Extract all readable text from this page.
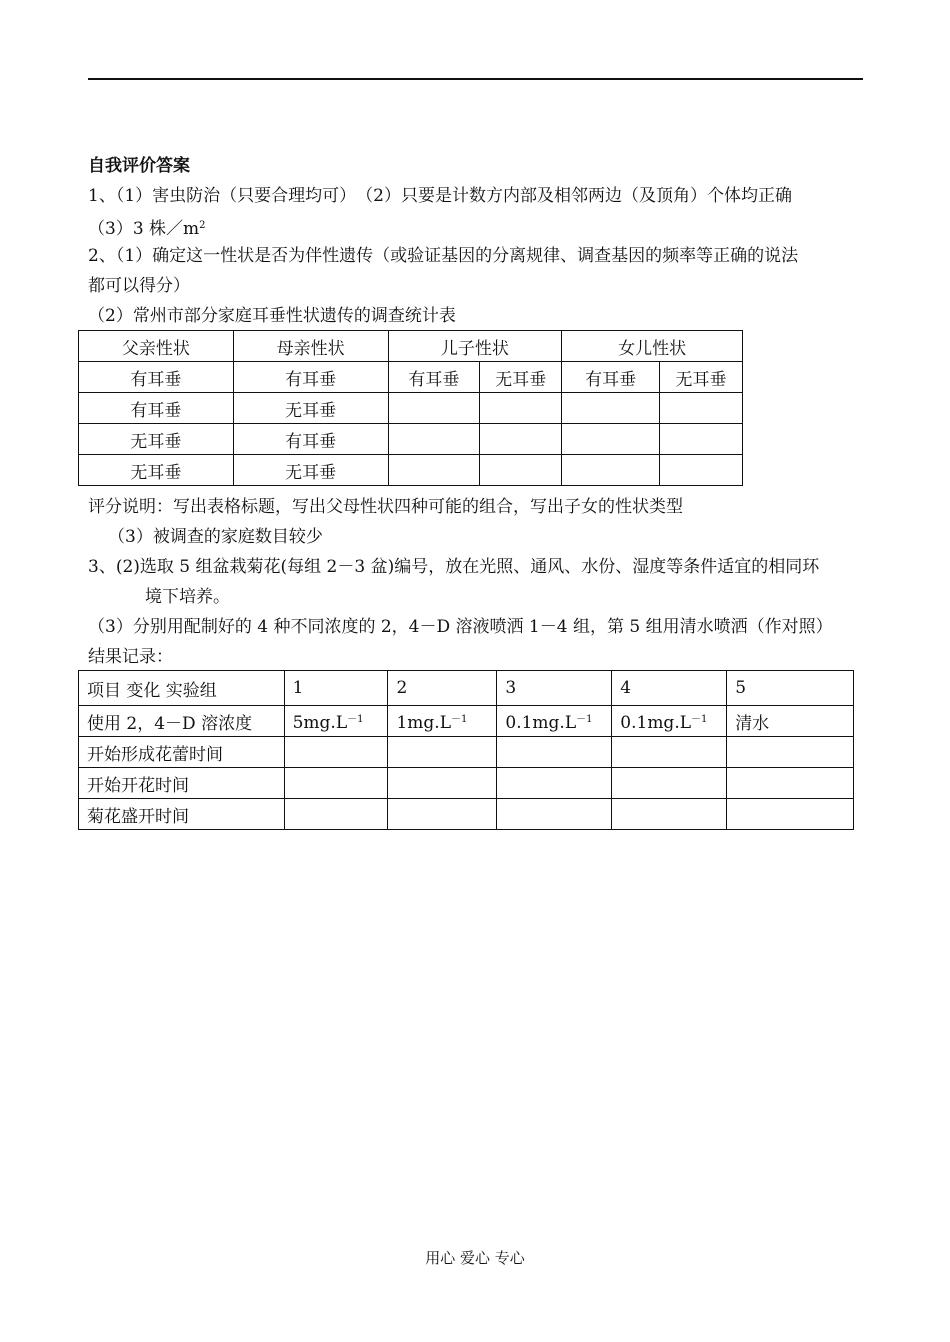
自我评价答案
1、（1）害虫防治（只要合理均可）　（2）只要是计数方内部及相邻两边（及顶角）个体均正确
（3）3 株$/m^2$
2、（1）确定这一性状是否为伴性遗传（或验证基因的分离规律、调查基因的频率等正确的说法
都可以得分）
（2）常州市部分家庭耳垂性状遗传的调查统计表
父亲性状	母亲性状	儿子性状		女儿性状	
有耳垂	有耳垂	有耳垂	无耳垂	有耳垂	无耳垂
有耳垂	无耳垂				
无耳垂	有耳垂				
无耳垂	无耳垂				
评分说明：写出表格标题，写出父母性状四种可能的组合，写出子女的性状类型
（3）被调查的家庭数目较少
3、(2)选取 5 组盆栽菊花(每组 2－3 盆)编号，放在光照、通风、水份、湿度等条件适宜的相同环
境下培养。
（3）分别用配制好的 4 种不同浓度的 2，4－D 溶液喷洒 1－4 组，第 5 组用清水喷洒（作对照）
结果记录：
项目 变化 实验组	1	2	3	4	5
使用 2，4－D 溶浓度	$5mg.L^{-1}$	$1mg.L^{-1}$	$0.1mg.L^{-1}$	$0.1mg.L^{-1}$	清水
开始形成花蕾时间					
开始开花时间					
菊花盛开时间					
用心 爱心 专心
